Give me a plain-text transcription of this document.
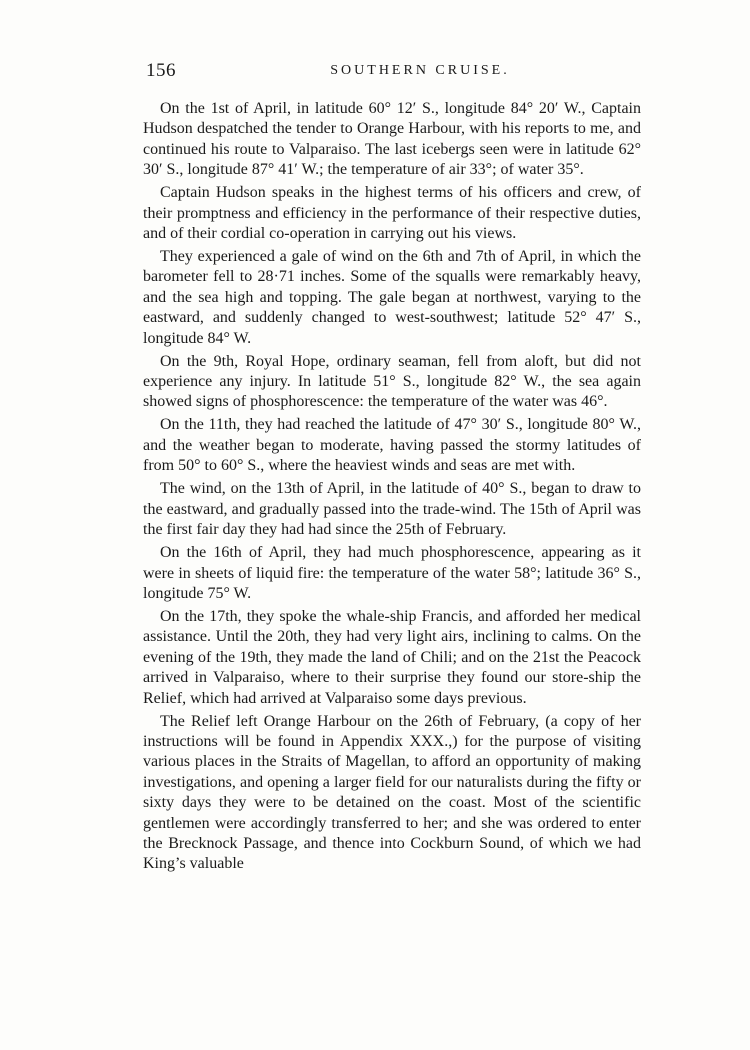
156	SOUTHERN CRUISE.

On the 1st of April, in latitude 60° 12′ S., longitude 84° 20′ W., Captain Hudson despatched the tender to Orange Harbour, with his reports to me, and continued his route to Valparaiso. The last icebergs seen were in latitude 62° 30′ S., longitude 87° 41′ W.; the temperature of air 33°; of water 35°.

Captain Hudson speaks in the highest terms of his officers and crew, of their promptness and efficiency in the performance of their respective duties, and of their cordial co-operation in carrying out his views.

They experienced a gale of wind on the 6th and 7th of April, in which the barometer fell to 28·71 inches. Some of the squalls were remarkably heavy, and the sea high and topping. The gale began at northwest, varying to the eastward, and suddenly changed to west-southwest; latitude 52° 47′ S., longitude 84° W.

On the 9th, Royal Hope, ordinary seaman, fell from aloft, but did not experience any injury. In latitude 51° S., longitude 82° W., the sea again showed signs of phosphorescence: the temperature of the water was 46°.

On the 11th, they had reached the latitude of 47° 30′ S., longitude 80° W., and the weather began to moderate, having passed the stormy latitudes of from 50° to 60° S., where the heaviest winds and seas are met with.

The wind, on the 13th of April, in the latitude of 40° S., began to draw to the eastward, and gradually passed into the trade-wind. The 15th of April was the first fair day they had had since the 25th of February.

On the 16th of April, they had much phosphorescence, appearing as it were in sheets of liquid fire: the temperature of the water 58°; latitude 36° S., longitude 75° W.

On the 17th, they spoke the whale-ship Francis, and afforded her medical assistance. Until the 20th, they had very light airs, inclining to calms. On the evening of the 19th, they made the land of Chili; and on the 21st the Peacock arrived in Valparaiso, where to their surprise they found our store-ship the Relief, which had arrived at Valparaiso some days previous.

The Relief left Orange Harbour on the 26th of February, (a copy of her instructions will be found in Appendix XXX.,) for the purpose of visiting various places in the Straits of Magellan, to afford an opportunity of making investigations, and opening a larger field for our naturalists during the fifty or sixty days they were to be detained on the coast. Most of the scientific gentlemen were accordingly transferred to her; and she was ordered to enter the Brecknock Passage, and thence into Cockburn Sound, of which we had King’s valuable
